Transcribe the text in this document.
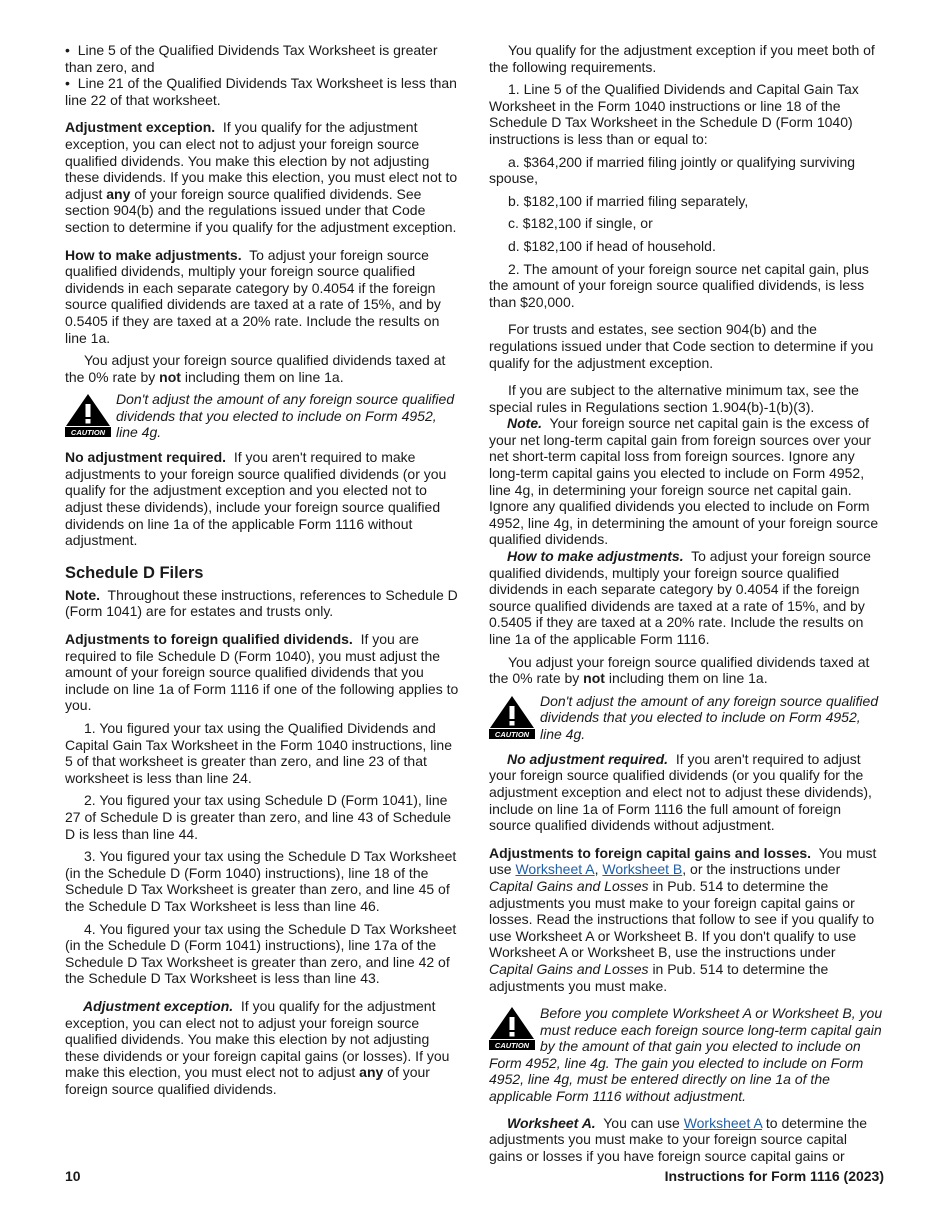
•  Line 5 of the Qualified Dividends Tax Worksheet is greater than zero, and

•  Line 21 of the Qualified Dividends Tax Worksheet is less than line 22 of that worksheet.

Adjustment exception. If you qualify for the adjustment exception, you can elect not to adjust your foreign source qualified dividends. You make this election by not adjusting these dividends. If you make this election, you must elect not to adjust any of your foreign source qualified dividends. See section 904(b) and the regulations issued under that Code section to determine if you qualify for the adjustment exception.

How to make adjustments. To adjust your foreign source qualified dividends, multiply your foreign source qualified dividends in each separate category by 0.4054 if the foreign source qualified dividends are taxed at a rate of 15%, and by 0.5405 if they are taxed at a 20% rate. Include the results on line 1a.

You adjust your foreign source qualified dividends taxed at the 0% rate by not including them on line 1a.

CAUTION
Don't adjust the amount of any foreign source qualified dividends that you elected to include on Form 4952, line 4g.

No adjustment required. If you aren't required to make adjustments to your foreign source qualified dividends (or you qualify for the adjustment exception and you elected not to adjust these dividends), include your foreign source qualified dividends on line 1a of the applicable Form 1116 without adjustment.

Schedule D Filers

Note. Throughout these instructions, references to Schedule D (Form 1041) are for estates and trusts only.

Adjustments to foreign qualified dividends. If you are required to file Schedule D (Form 1040), you must adjust the amount of your foreign source qualified dividends that you include on line 1a of Form 1116 if one of the following applies to you.

1. You figured your tax using the Qualified Dividends and Capital Gain Tax Worksheet in the Form 1040 instructions, line 5 of that worksheet is greater than zero, and line 23 of that worksheet is less than line 24.

2. You figured your tax using Schedule D (Form 1041), line 27 of Schedule D is greater than zero, and line 43 of Schedule D is less than line 44.

3. You figured your tax using the Schedule D Tax Worksheet (in the Schedule D (Form 1040) instructions), line 18 of the Schedule D Tax Worksheet is greater than zero, and line 45 of the Schedule D Tax Worksheet is less than line 46.

4. You figured your tax using the Schedule D Tax Worksheet (in the Schedule D (Form 1041) instructions), line 17a of the Schedule D Tax Worksheet is greater than zero, and line 42 of the Schedule D Tax Worksheet is less than line 43.

Adjustment exception. If you qualify for the adjustment exception, you can elect not to adjust your foreign source qualified dividends. You make this election by not adjusting these dividends or your foreign capital gains (or losses). If you make this election, you must elect not to adjust any of your foreign source qualified dividends.

You qualify for the adjustment exception if you meet both of the following requirements.

1. Line 5 of the Qualified Dividends and Capital Gain Tax Worksheet in the Form 1040 instructions or line 18 of the Schedule D Tax Worksheet in the Schedule D (Form 1040) instructions is less than or equal to:

a. $364,200 if married filing jointly or qualifying surviving spouse,

b. $182,100 if married filing separately,

c. $182,100 if single, or

d. $182,100 if head of household.

2. The amount of your foreign source net capital gain, plus the amount of your foreign source qualified dividends, is less than $20,000.

For trusts and estates, see section 904(b) and the regulations issued under that Code section to determine if you qualify for the adjustment exception.

If you are subject to the alternative minimum tax, see the special rules in Regulations section 1.904(b)-1(b)(3).

Note. Your foreign source net capital gain is the excess of your net long-term capital gain from foreign sources over your net short-term capital loss from foreign sources. Ignore any long-term capital gains you elected to include on Form 4952, line 4g, in determining your foreign source net capital gain. Ignore any qualified dividends you elected to include on Form 4952, line 4g, in determining the amount of your foreign source qualified dividends.

How to make adjustments. To adjust your foreign source qualified dividends, multiply your foreign source qualified dividends in each separate category by 0.4054 if the foreign source qualified dividends are taxed at a rate of 15%, and by 0.5405 if they are taxed at a 20% rate. Include the results on line 1a of the applicable Form 1116.

You adjust your foreign source qualified dividends taxed at the 0% rate by not including them on line 1a.

CAUTION
Don't adjust the amount of any foreign source qualified dividends that you elected to include on Form 4952, line 4g.

No adjustment required. If you aren't required to adjust your foreign source qualified dividends (or you qualify for the adjustment exception and elect not to adjust these dividends), include on line 1a of Form 1116 the full amount of foreign source qualified dividends without adjustment.

Adjustments to foreign capital gains and losses. You must use Worksheet A, Worksheet B, or the instructions under Capital Gains and Losses in Pub. 514 to determine the adjustments you must make to your foreign capital gains or losses. Read the instructions that follow to see if you qualify to use Worksheet A or Worksheet B. If you don't qualify to use Worksheet A or Worksheet B, use the instructions under Capital Gains and Losses in Pub. 514 to determine the adjustments you must make.

CAUTION
Before you complete Worksheet A or Worksheet B, you must reduce each foreign source long-term capital gain by the amount of that gain you elected to include on Form 4952, line 4g. The gain you elected to include on Form 4952, line 4g, must be entered directly on line 1a of the applicable Form 1116 without adjustment.

Worksheet A. You can use Worksheet A to determine the adjustments you must make to your foreign source capital gains or losses if you have foreign source capital gains or

10	Instructions for Form 1116 (2023)
